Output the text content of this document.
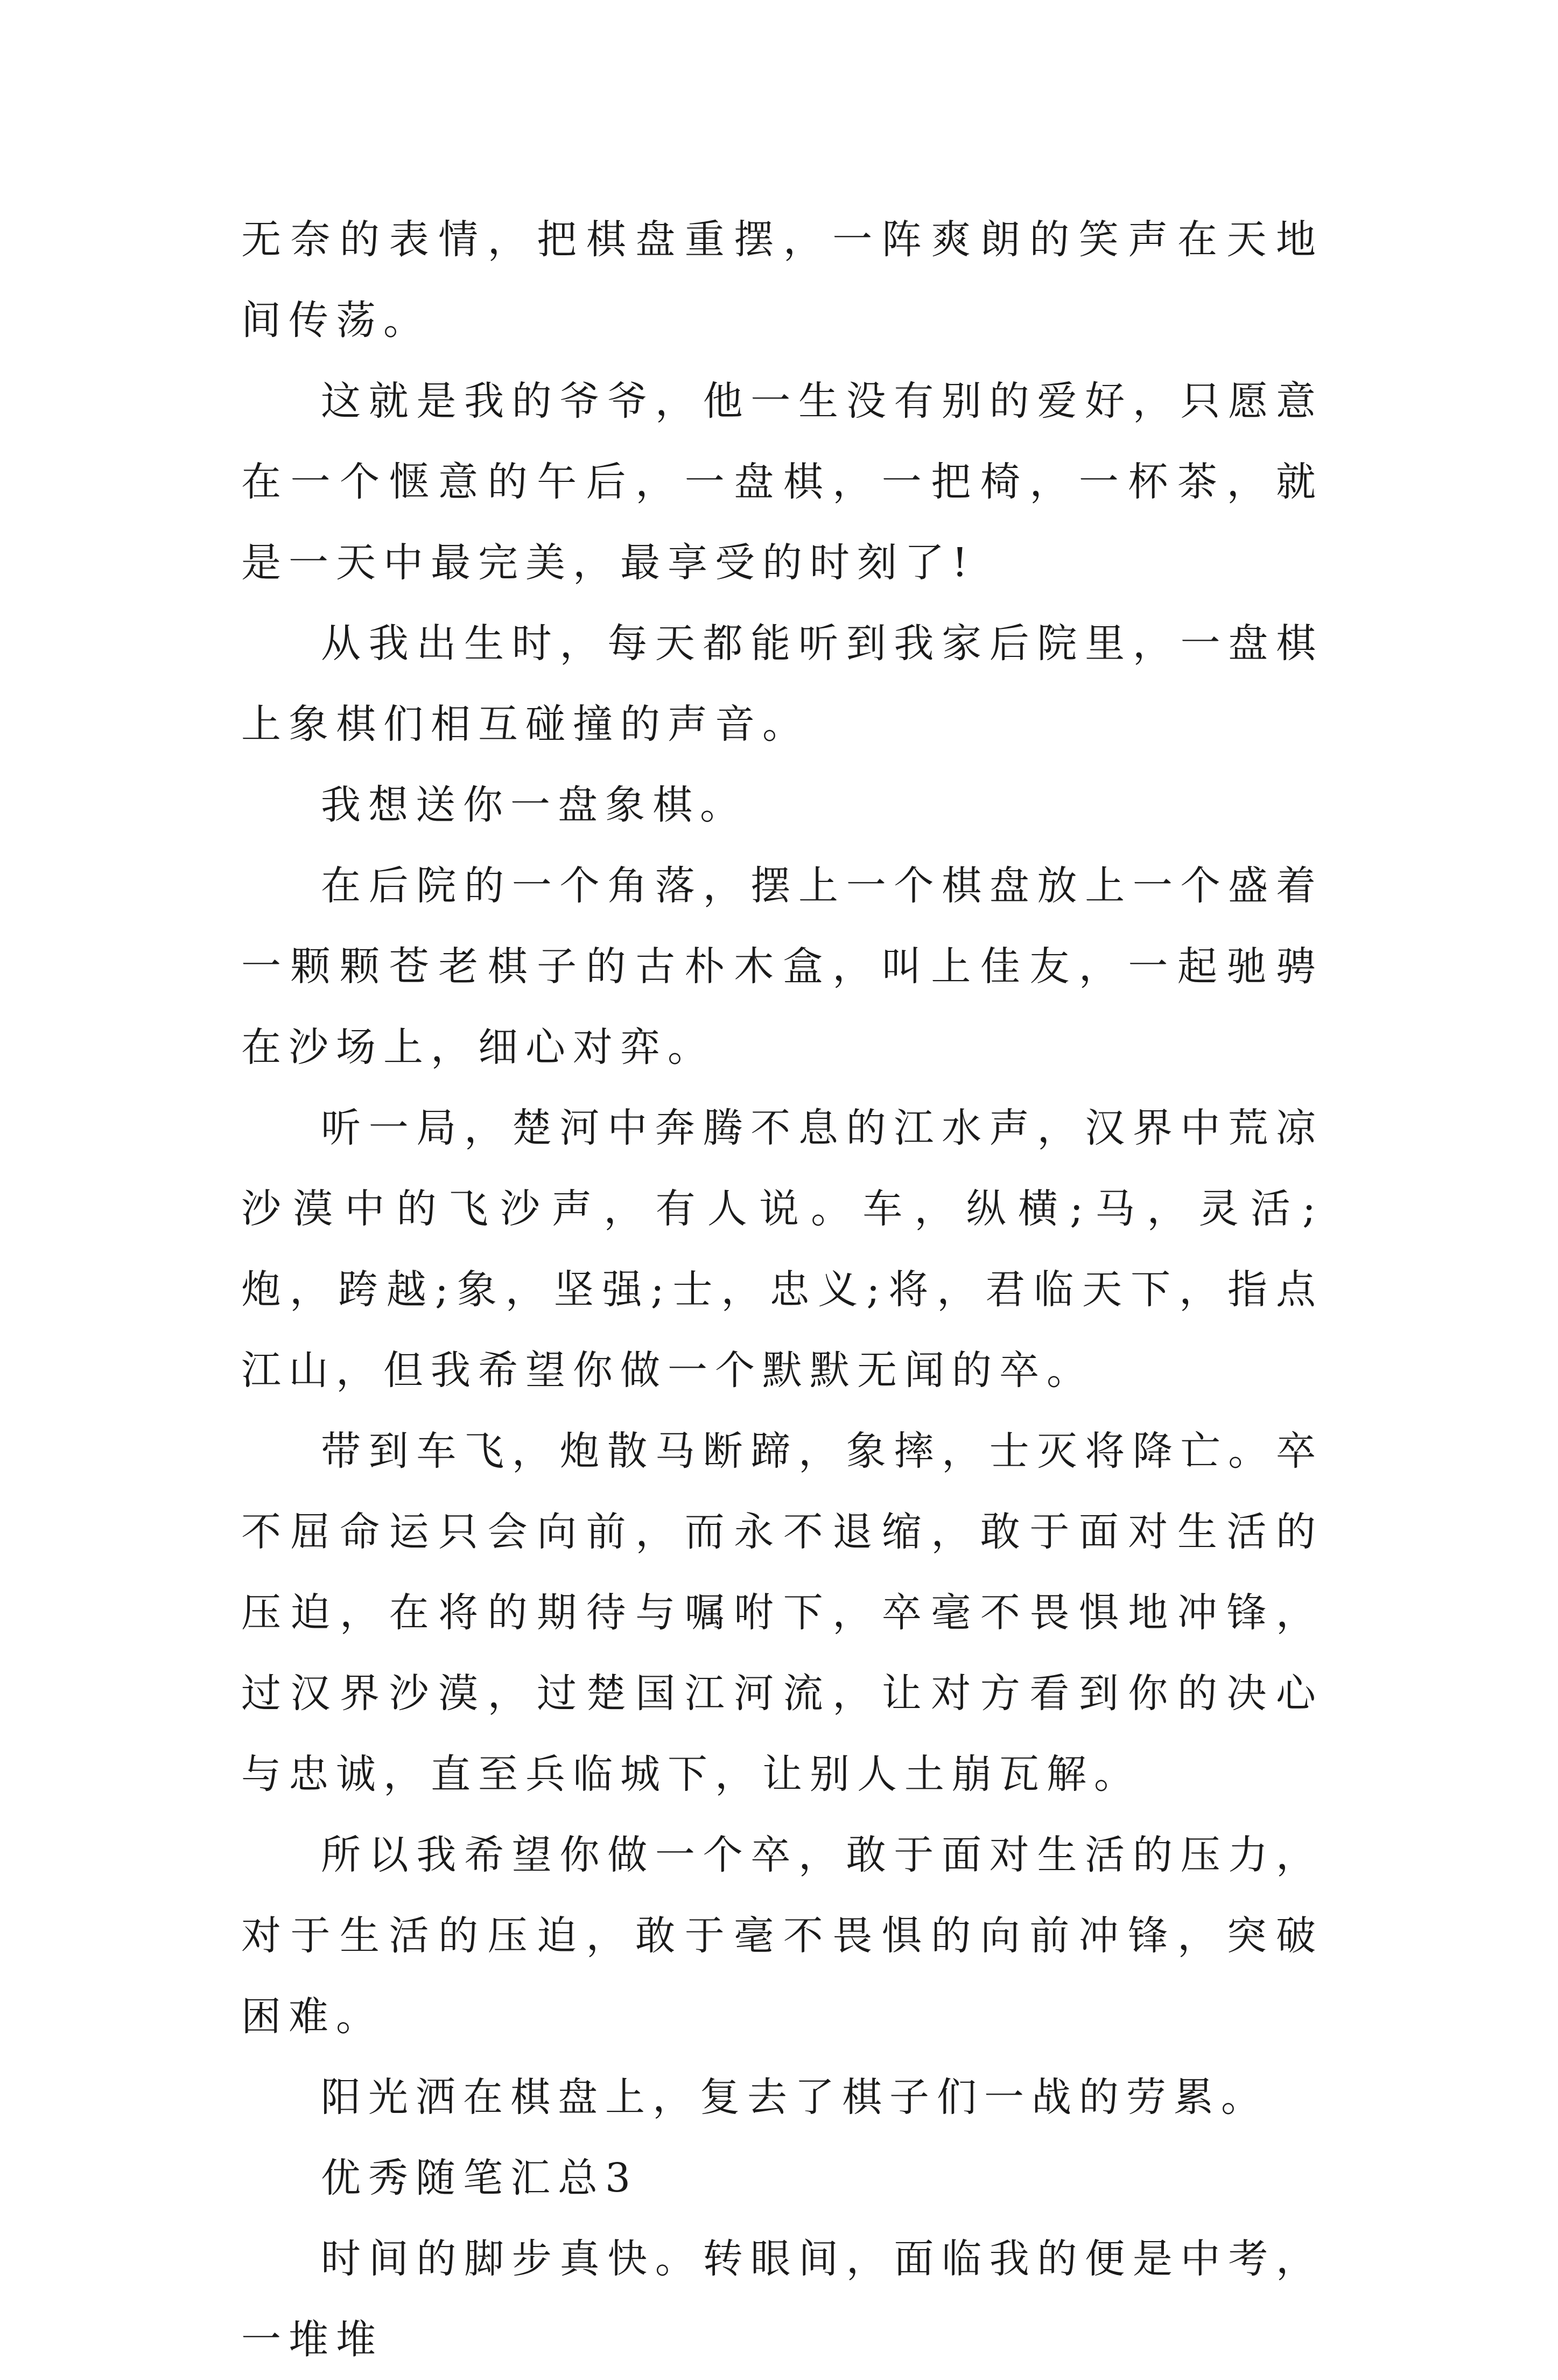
无奈的表情，把棋盘重摆，一阵爽朗的笑声在天地间传荡。

这就是我的爷爷，他一生没有别的爱好，只愿意在一个惬意的午后，一盘棋，一把椅，一杯茶，就是一天中最完美，最享受的时刻了!

从我出生时，每天都能听到我家后院里，一盘棋上象棋们相互碰撞的声音。

我想送你一盘象棋。

在后院的一个角落，摆上一个棋盘放上一个盛着一颗颗苍老棋子的古朴木盒，叫上佳友，一起驰骋在沙场上，细心对弈。

听一局，楚河中奔腾不息的江水声，汉界中荒凉沙漠中的飞沙声，有人说。车，纵横;马，灵活;炮，跨越;象，坚强;士，忠义;将，君临天下，指点江山，但我希望你做一个默默无闻的卒。

带到车飞，炮散马断蹄，象摔，士灭将降亡。卒不屈命运只会向前，而永不退缩，敢于面对生活的压迫，在将的期待与嘱咐下，卒毫不畏惧地冲锋，过汉界沙漠，过楚国江河流，让对方看到你的决心与忠诚，直至兵临城下，让别人土崩瓦解。

所以我希望你做一个卒，敢于面对生活的压力，对于生活的压迫，敢于毫不畏惧的向前冲锋，突破困难。

阳光洒在棋盘上，复去了棋子们一战的劳累。

优秀随笔汇总3

时间的脚步真快。转眼间，面临我的便是中考，一堆堆
